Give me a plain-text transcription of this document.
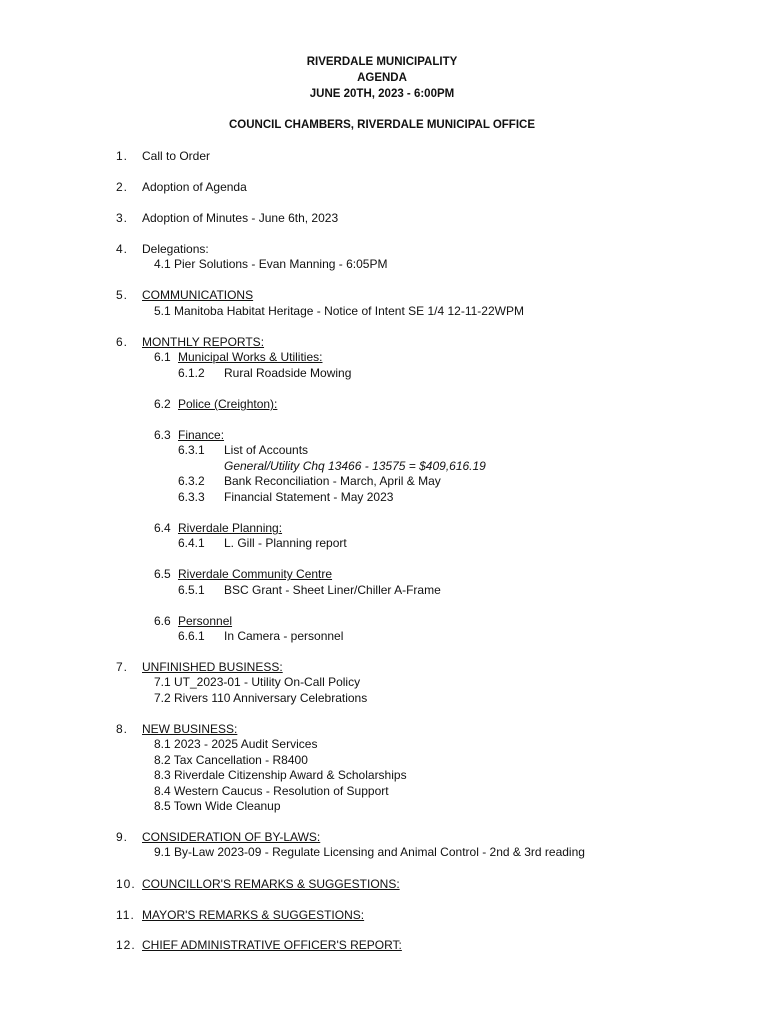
RIVERDALE MUNICIPALITY
AGENDA
JUNE 20TH, 2023 - 6:00PM
COUNCIL CHAMBERS, RIVERDALE MUNICIPAL OFFICE
1. Call to Order
2. Adoption of Agenda
3. Adoption of Minutes - June 6th, 2023
4. Delegations:
4.1 Pier Solutions - Evan Manning - 6:05PM
5. COMMUNICATIONS
5.1 Manitoba Habitat Heritage - Notice of Intent SE 1/4 12-11-22WPM
6. MONTHLY REPORTS:
6.1 Municipal Works & Utilities:
6.1.2 Rural Roadside Mowing
6.2 Police (Creighton):
6.3 Finance:
6.3.1 List of Accounts
General/Utility Chq 13466 - 13575 = $409,616.19
6.3.2 Bank Reconciliation - March, April & May
6.3.3 Financial Statement - May 2023
6.4 Riverdale Planning:
6.4.1 L. Gill - Planning report
6.5 Riverdale Community Centre
6.5.1 BSC Grant - Sheet Liner/Chiller A-Frame
6.6 Personnel
6.6.1 In Camera - personnel
7. UNFINISHED BUSINESS:
7.1 UT_2023-01 - Utility On-Call Policy
7.2 Rivers 110 Anniversary Celebrations
8. NEW BUSINESS:
8.1 2023 - 2025 Audit Services
8.2 Tax Cancellation - R8400
8.3 Riverdale Citizenship Award & Scholarships
8.4 Western Caucus - Resolution of Support
8.5 Town Wide Cleanup
9. CONSIDERATION OF BY-LAWS:
9.1 By-Law 2023-09 - Regulate Licensing and Animal Control - 2nd & 3rd reading
10. COUNCILLOR'S REMARKS & SUGGESTIONS:
11. MAYOR'S REMARKS & SUGGESTIONS:
12. CHIEF ADMINISTRATIVE OFFICER'S REPORT:
